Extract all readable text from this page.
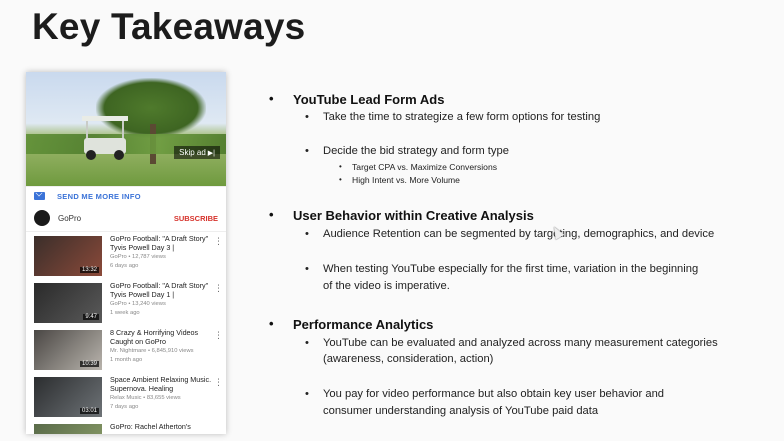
Key Takeaways
Skip ad ▶|
SEND ME MORE INFO
GoPro	SUBSCRIBE
13:32
GoPro Football: "A Draft Story" Tyvis Powell Day 3 |
GoPro • 12,787 views
6 days ago
⋮
9:47
GoPro Football: "A Draft Story" Tyvis Powell Day 1 |
GoPro • 13,240 views
1 week ago
⋮
10:39
8 Crazy & Horrifying Videos Caught on GoPro
Mr. Nightmare • 6,845,910 views
1 month ago
⋮
03:01
Space Ambient Relaxing Music. Supernova. Healing
Relax Music • 83,655 views
7 days ago
⋮
GoPro: Rachel Atherton's
• YouTube Lead Form Ads
• Take the time to strategize a few form options for testing
• Decide the bid strategy and form type
• Target CPA vs. Maximize Conversions
• High Intent vs. More Volume
• User Behavior within Creative Analysis
• Audience Retention can be segmented by targeting, demographics, and device
• When testing YouTube especially for the first time, variation in the beginning
of the video is imperative.
• Performance Analytics
• YouTube can be evaluated and analyzed across many measurement categories
(awareness, consideration, action)
• You pay for video performance but also obtain key user behavior and
consumer understanding analysis of YouTube paid data
